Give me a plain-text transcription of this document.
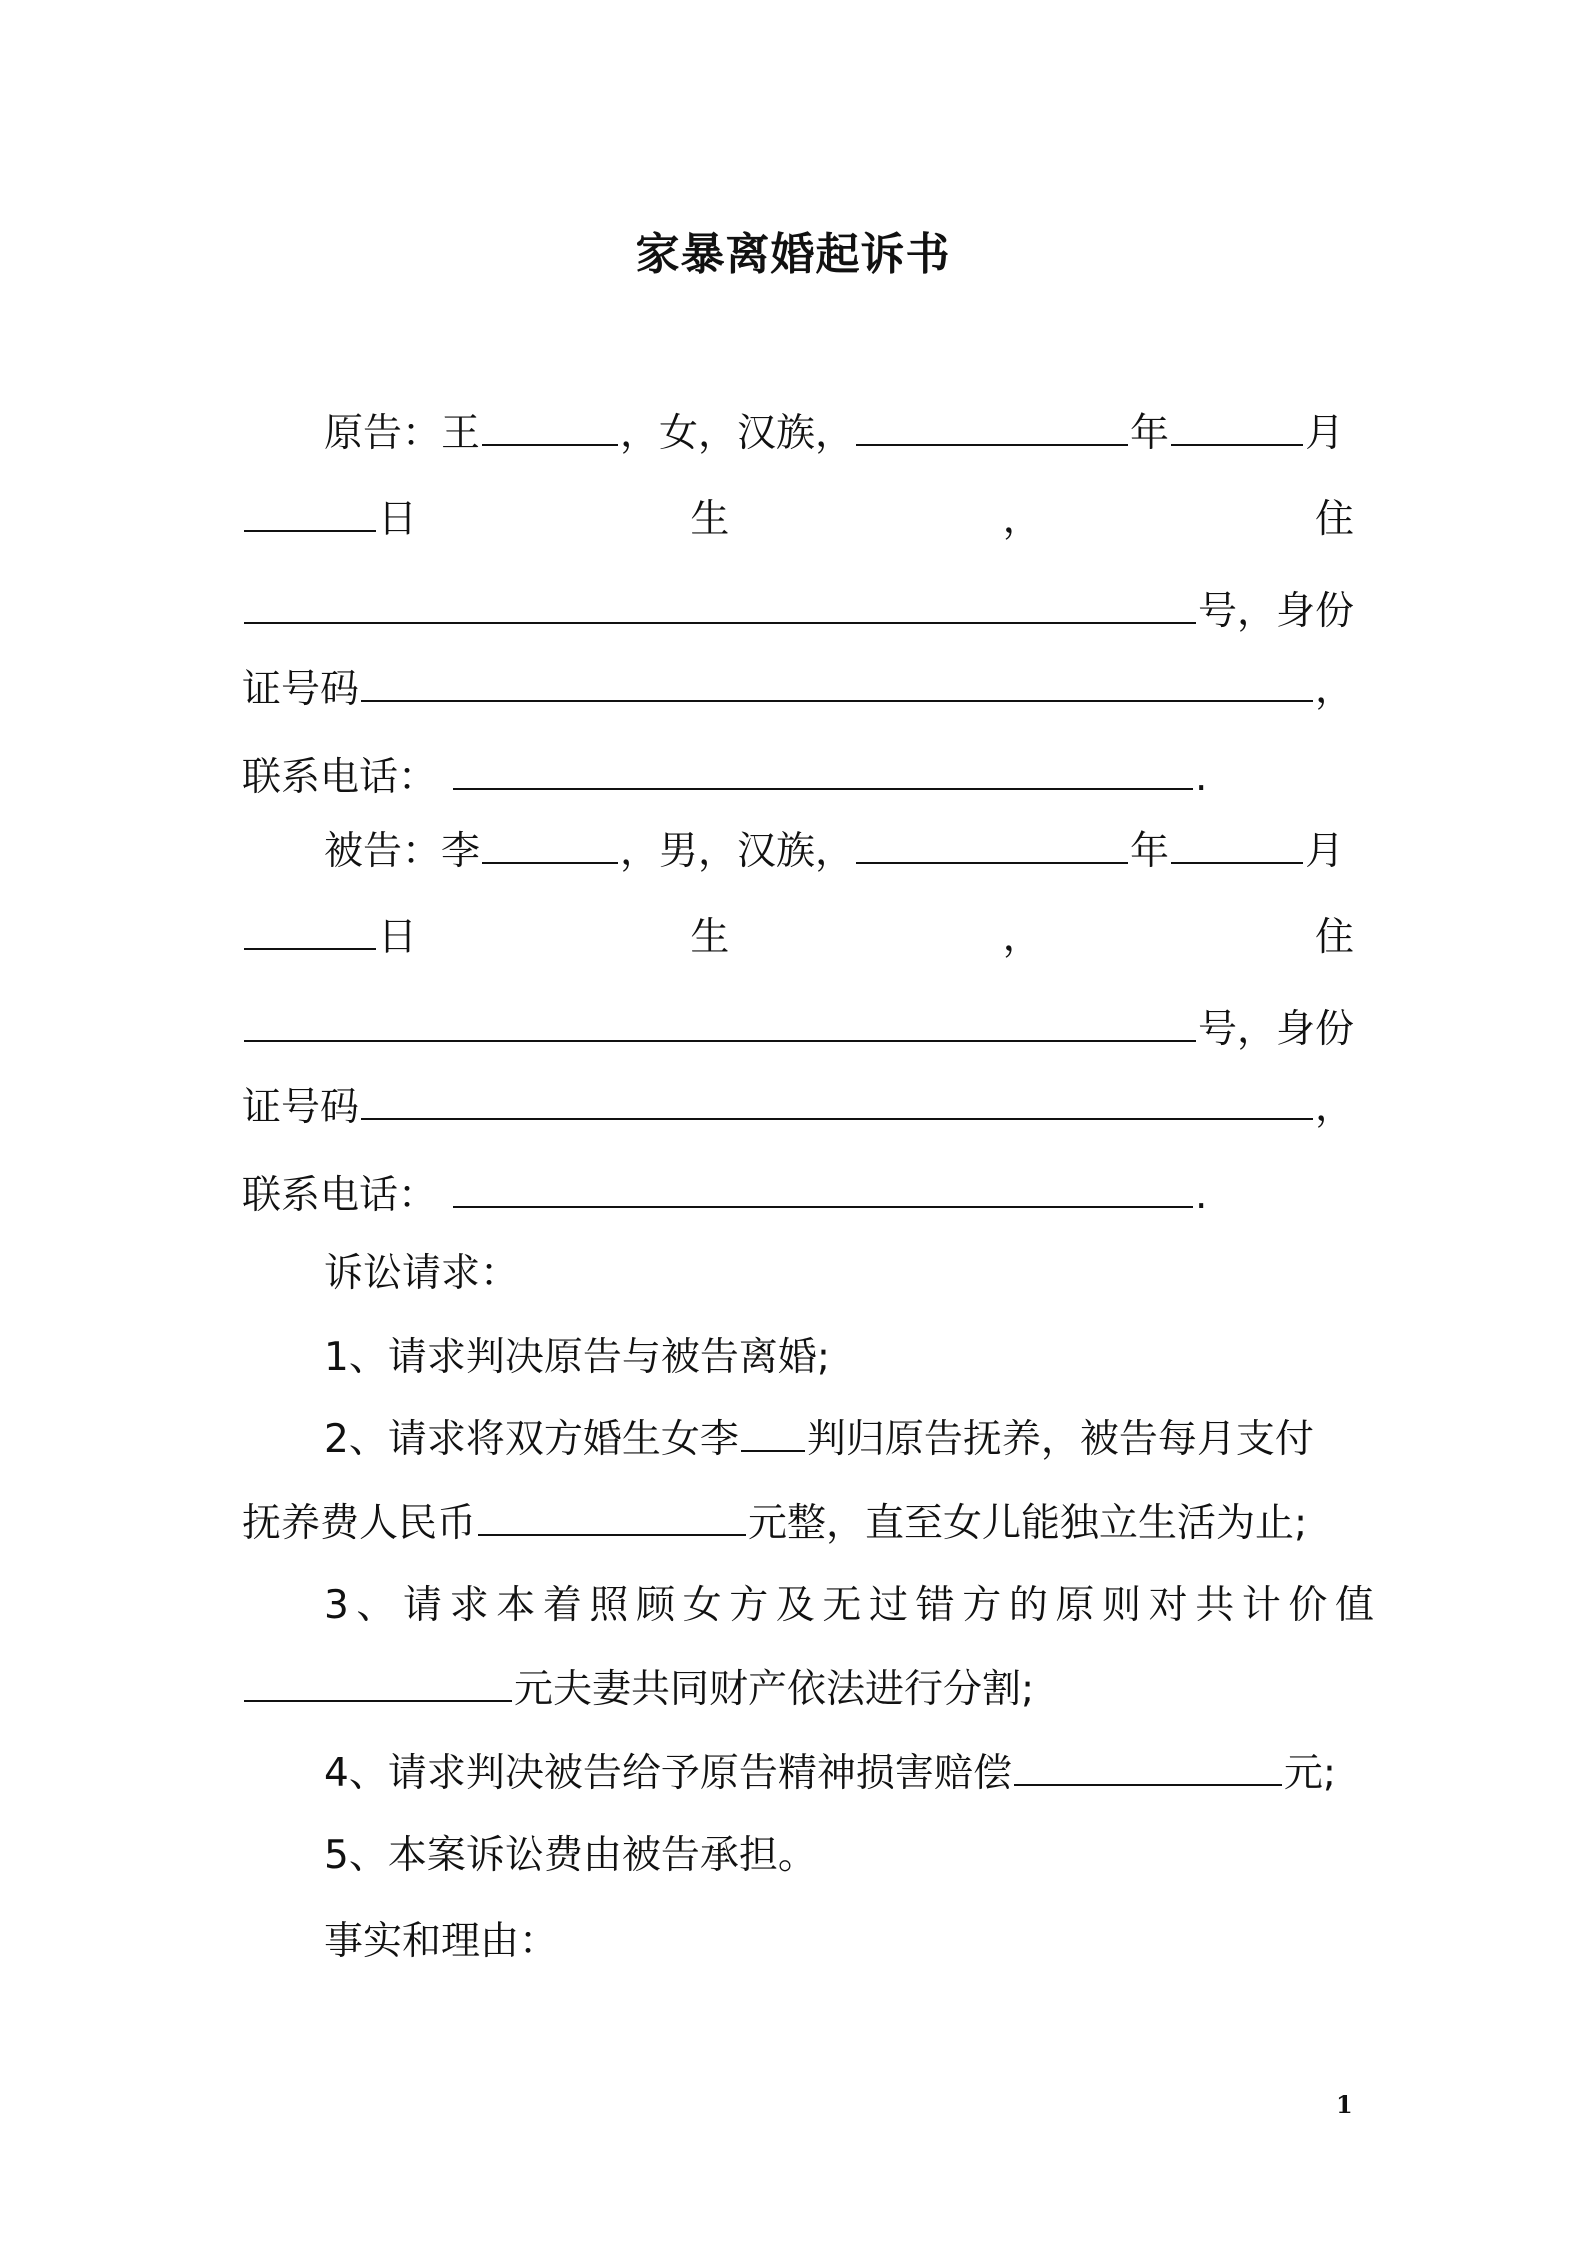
家暴离婚起诉书
原告：王	，女，汉族，	年	月
日	生	，	住
号，身份
证号码	，
联系电话：	.
被告：李	，男，汉族，	年	月
日	生	，	住
号，身份
证号码	，
联系电话：	.
诉讼请求：
1、请求判决原告与被告离婚;
2、请求将双方婚生女李 判归原告抚养，被告每月支付
抚养费人民币	元整，直至女儿能独立生活为止;
3、请求本着照顾女方及无过错方的原则对共计价值
元夫妻共同财产依法进行分割;
4、请求判决被告给予原告精神损害赔偿	元;
5、本案诉讼费由被告承担。
事实和理由：
1
